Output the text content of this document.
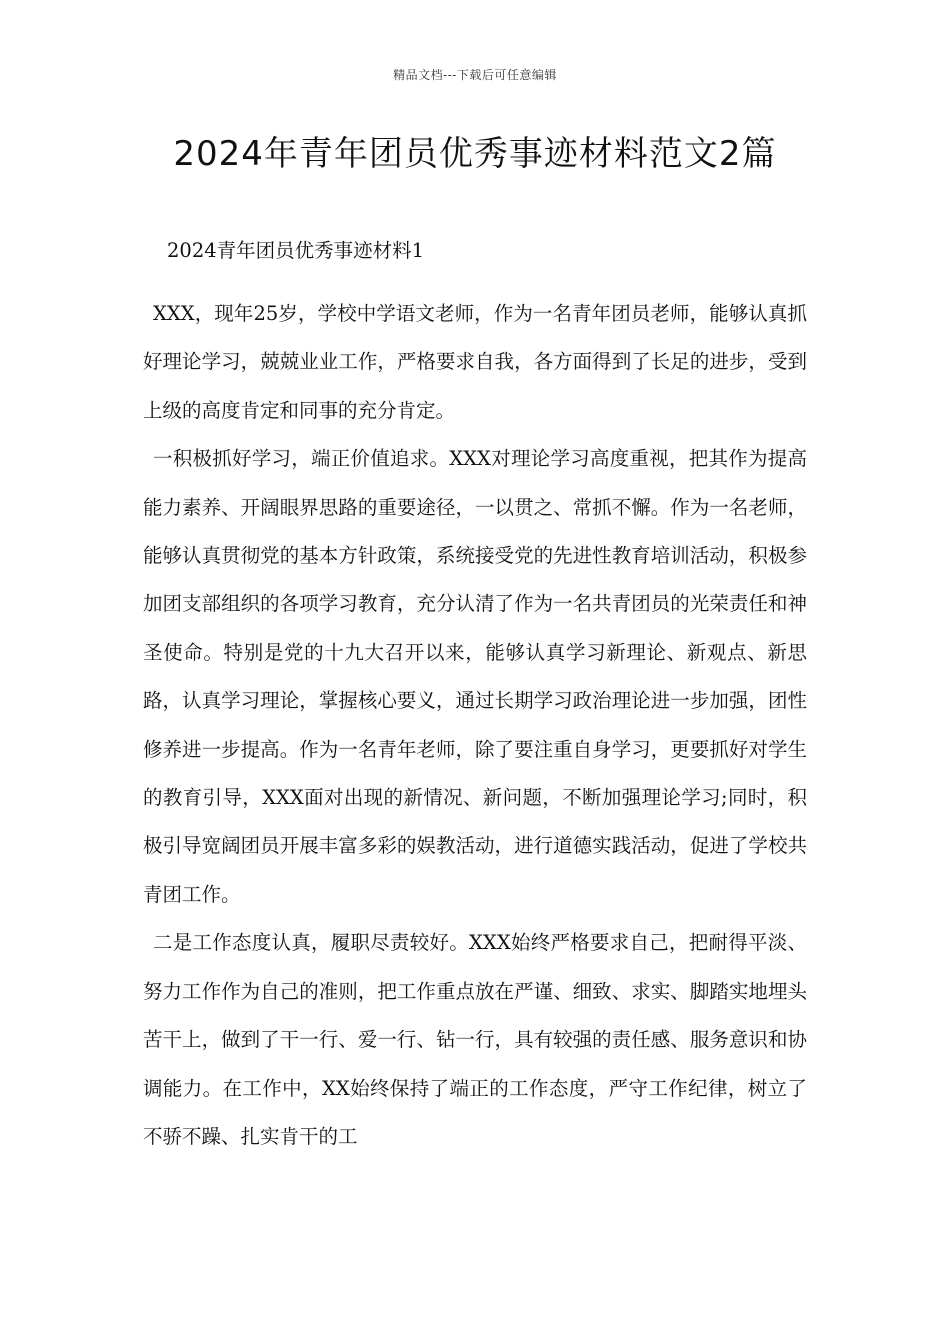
精品文档---下载后可任意编辑
2024年青年团员优秀事迹材料范文2篇

2024青年团员优秀事迹材料1

XXX，现年25岁，学校中学语文老师，作为一名青年团员老师，能够认真抓好理论学习，兢兢业业工作，严格要求自我，各方面得到了长足的进步，受到上级的高度肯定和同事的充分肯定。

一积极抓好学习，端正价值追求。XXX对理论学习高度重视，把其作为提高能力素养、开阔眼界思路的重要途径，一以贯之、常抓不懈。作为一名老师，能够认真贯彻党的基本方针政策，系统接受党的先进性教育培训活动，积极参加团支部组织的各项学习教育，充分认清了作为一名共青团员的光荣责任和神圣使命。特别是党的十九大召开以来，能够认真学习新理论、新观点、新思路，认真学习理论，掌握核心要义，通过长期学习政治理论进一步加强，团性修养进一步提高。作为一名青年老师，除了要注重自身学习，更要抓好对学生的教育引导，XXX面对出现的新情况、新问题，不断加强理论学习;同时，积极引导宽阔团员开展丰富多彩的娱教活动，进行道德实践活动，促进了学校共青团工作。

二是工作态度认真，履职尽责较好。XXX始终严格要求自己，把耐得平淡、努力工作作为自己的准则，把工作重点放在严谨、细致、求实、脚踏实地埋头苦干上，做到了干一行、爱一行、钻一行，具有较强的责任感、服务意识和协调能力。在工作中，XX始终保持了端正的工作态度，严守工作纪律，树立了不骄不躁、扎实肯干的工
